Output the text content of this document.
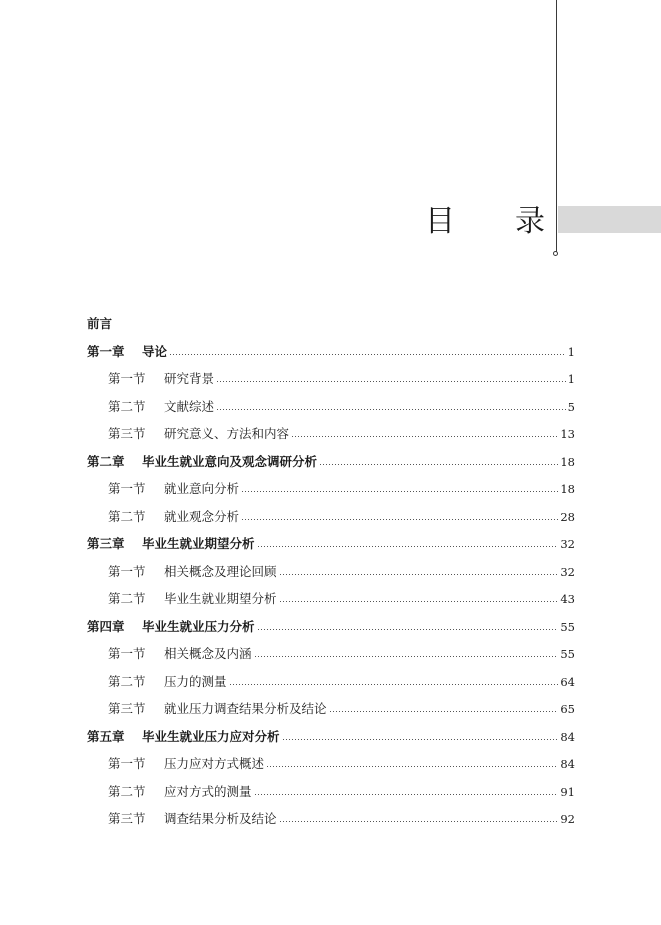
目 录
前言
第一章	导论	1
第一节	研究背景	1
第二节	文献综述	5
第三节	研究意义、方法和内容	13
第二章	毕业生就业意向及观念调研分析	18
第一节	就业意向分析	18
第二节	就业观念分析	28
第三章	毕业生就业期望分析	32
第一节	相关概念及理论回顾	32
第二节	毕业生就业期望分析	43
第四章	毕业生就业压力分析	55
第一节	相关概念及内涵	55
第二节	压力的测量	64
第三节	就业压力调查结果分析及结论	65
第五章	毕业生就业压力应对分析	84
第一节	压力应对方式概述	84
第二节	应对方式的测量	91
第三节	调查结果分析及结论	92
